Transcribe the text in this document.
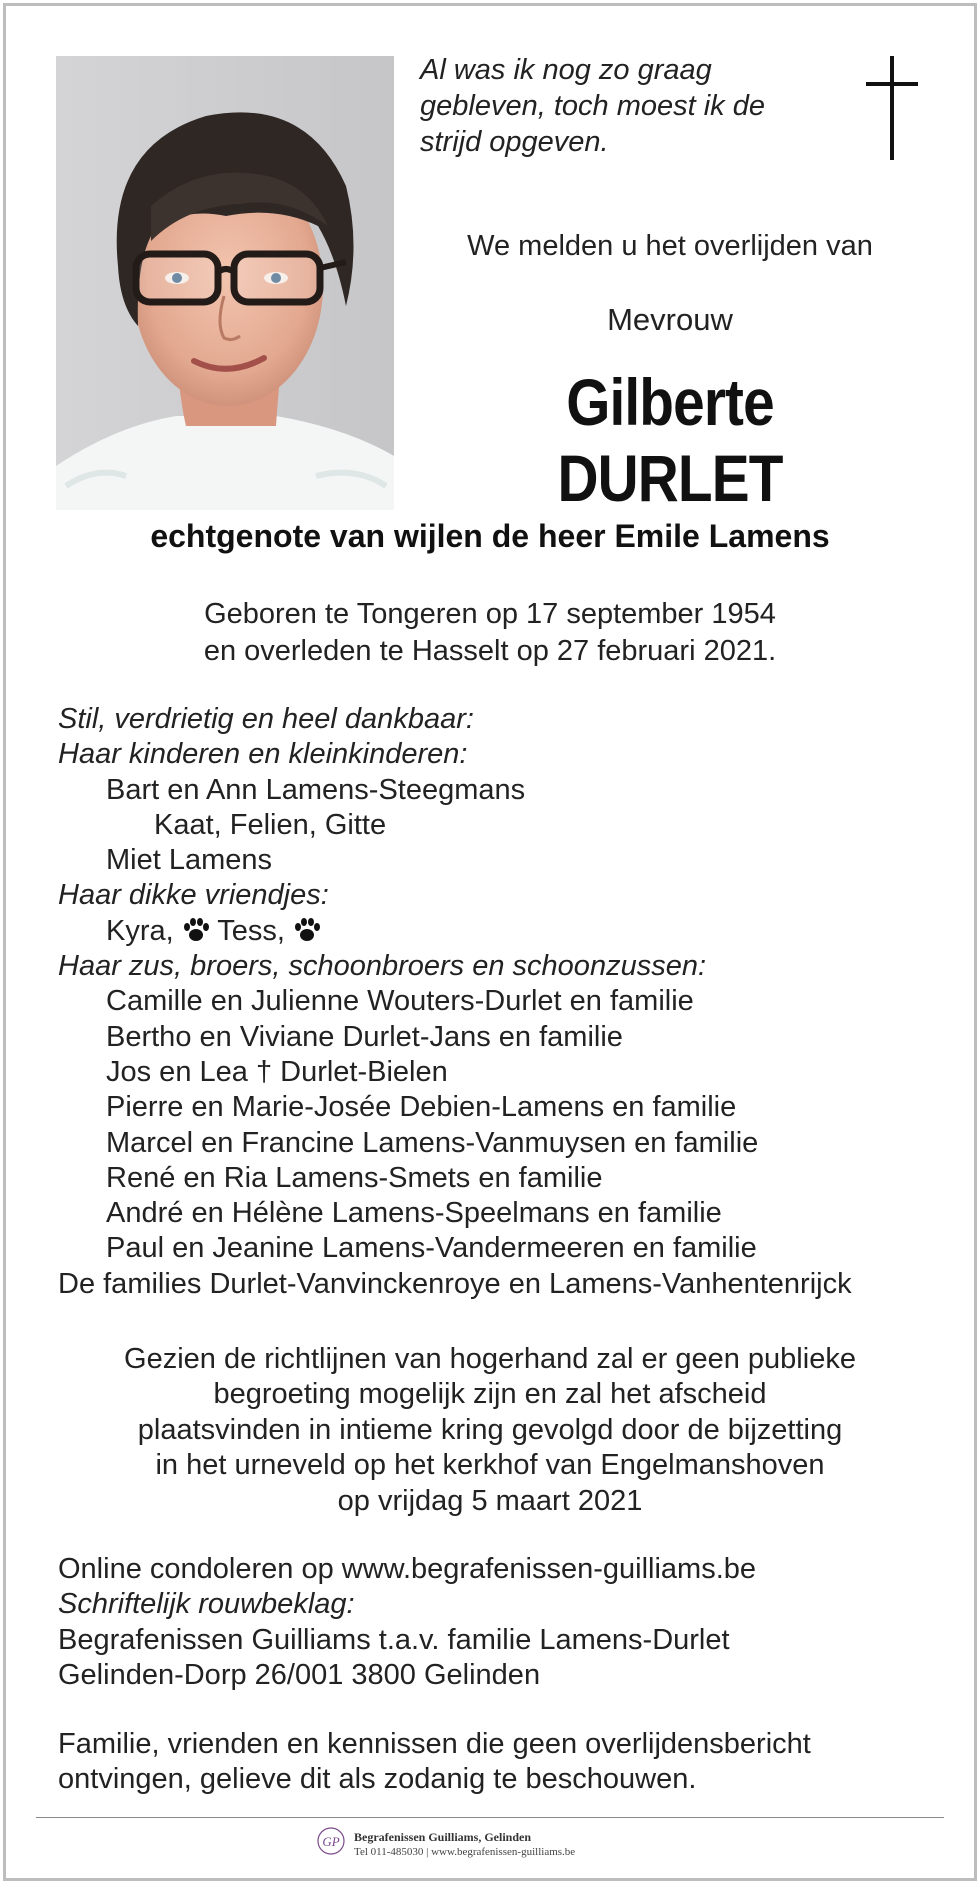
Al was ik nog zo graag
gebleven, toch moest ik de
strijd opgeven.
We melden u het overlijden van
Mevrouw
Gilberte DURLET
echtgenote van wijlen de heer Emile Lamens
Geboren te Tongeren op 17 september 1954
en overleden te Hasselt op 27 februari 2021.
Stil, verdrietig en heel dankbaar:
Haar kinderen en kleinkinderen:
Bart en Ann Lamens-Steegmans
Kaat, Felien, Gitte
Miet Lamens
Haar dikke vriendjes:
Kyra, Tess,
Haar zus, broers, schoonbroers en schoonzussen:
Camille en Julienne Wouters-Durlet en familie
Bertho en Viviane Durlet-Jans en familie
Jos en Lea † Durlet-Bielen
Pierre en Marie-Josée Debien-Lamens en familie
Marcel en Francine Lamens-Vanmuysen en familie
René en Ria Lamens-Smets en familie
André en Hélène Lamens-Speelmans en familie
Paul en Jeanine Lamens-Vandermeeren en familie
De families Durlet-Vanvinckenroye en Lamens-Vanhentenrijck
Gezien de richtlijnen van hogerhand zal er geen publieke
begroeting mogelijk zijn en zal het afscheid
plaatsvinden in intieme kring gevolgd door de bijzetting
in het urneveld op het kerkhof van Engelmanshoven
op vrijdag 5 maart 2021
Online condoleren op www.begrafenissen-guilliams.be
Schriftelijk rouwbeklag:
Begrafenissen Guilliams t.a.v. familie Lamens-Durlet
Gelinden-Dorp 26/001 3800 Gelinden
Familie, vrienden en kennissen die geen overlijdensbericht
ontvingen, gelieve dit als zodanig te beschouwen.
GP Begrafenissen Guilliams, Gelinden
Tel 011-485030 | www.begrafenissen-guilliams.be
